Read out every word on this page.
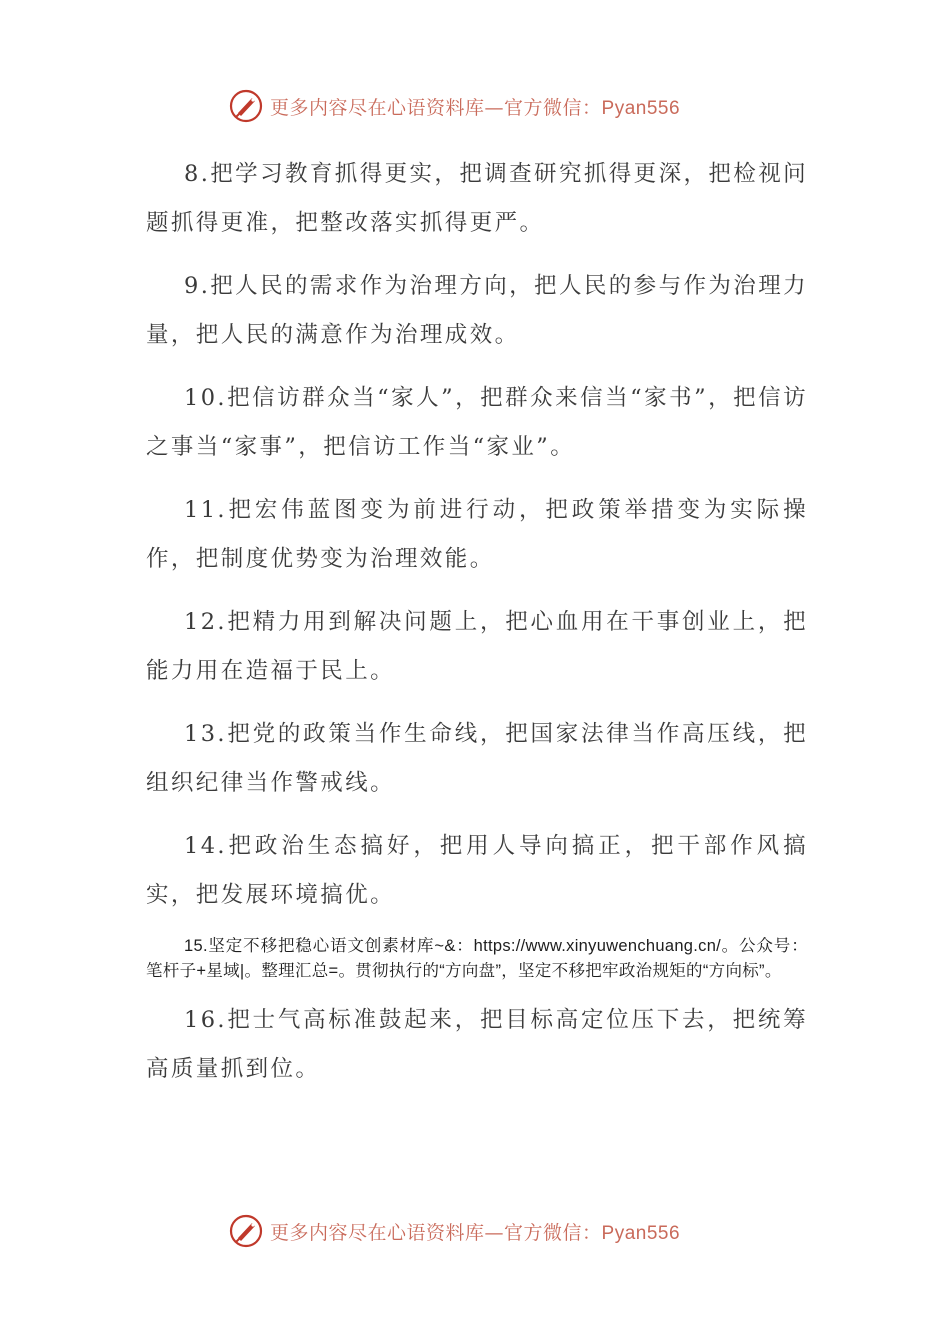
更多内容尽在心语资料库—官方微信：Pyan556

8.把学习教育抓得更实，把调查研究抓得更深，把检视问题抓得更准，把整改落实抓得更严。

9.把人民的需求作为治理方向，把人民的参与作为治理力量，把人民的满意作为治理成效。

10.把信访群众当“家人”，把群众来信当“家书”，把信访之事当“家事”，把信访工作当“家业”。

11.把宏伟蓝图变为前进行动，把政策举措变为实际操作，把制度优势变为治理效能。

12.把精力用到解决问题上，把心血用在干事创业上，把能力用在造福于民上。

13.把党的政策当作生命线，把国家法律当作高压线，把组织纪律当作警戒线。

14.把政治生态搞好，把用人导向搞正，把干部作风搞实，把发展环境搞优。

15.坚定不移把稳心语文创素材库~&：https://www.xinyuwenchuang.cn/。公众号：笔杆子+星域|。整理汇总=。贯彻执行的“方向盘”，坚定不移把牢政治规矩的“方向标”。

16.把士气高标准鼓起来，把目标高定位压下去，把统筹高质量抓到位。

更多内容尽在心语资料库—官方微信：Pyan556
